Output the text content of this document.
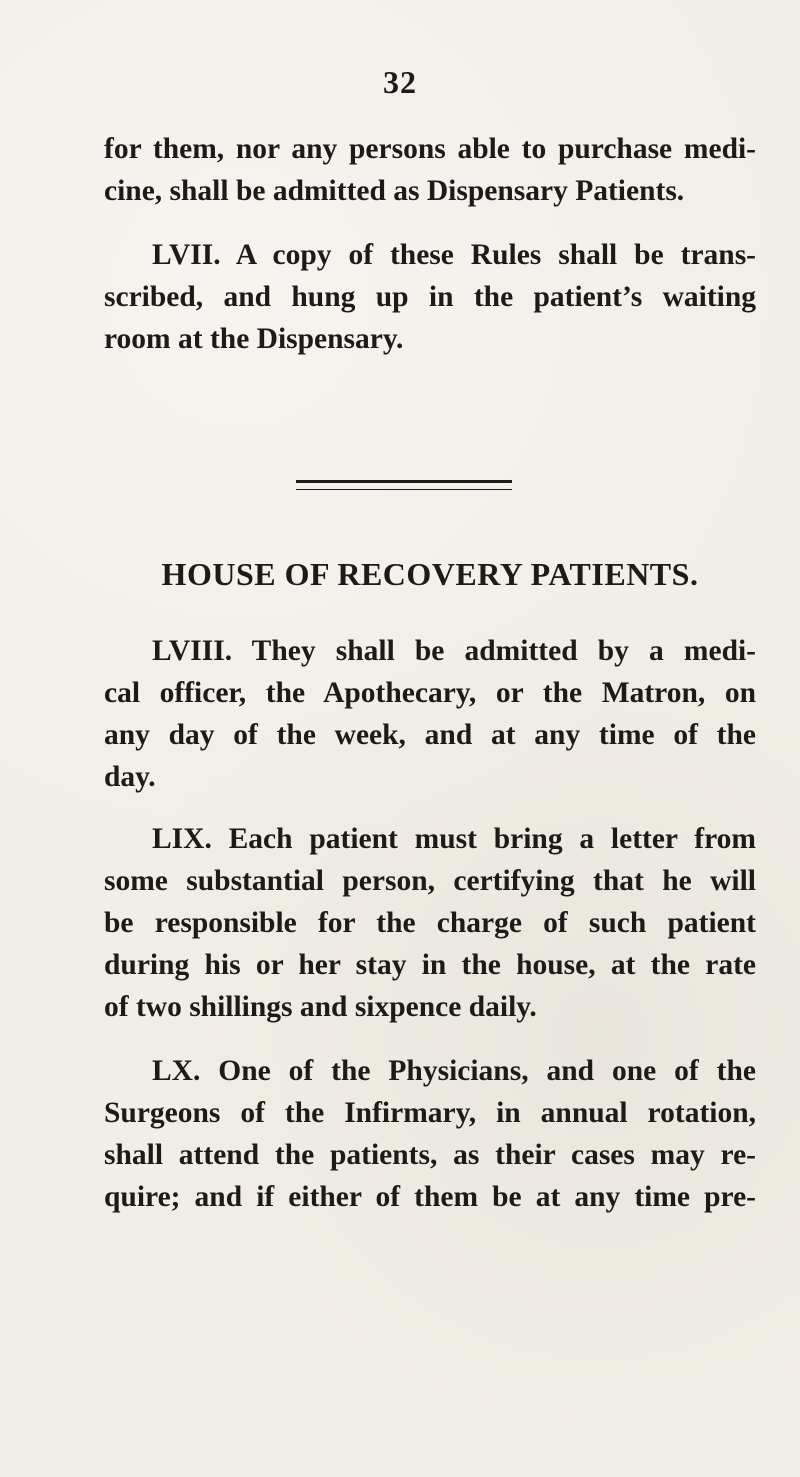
32
for them, nor any persons able to purchase medi-
cine, shall be admitted as Dispensary Patients.
LVII. A copy of these Rules shall be trans-
scribed, and hung up in the patient’s waiting
room at the Dispensary.
HOUSE OF RECOVERY PATIENTS.
LVIII. They shall be admitted by a medi-
cal officer, the Apothecary, or the Matron, on
any day of the week, and at any time of the
day.
LIX. Each patient must bring a letter from
some substantial person, certifying that he will
be responsible for the charge of such patient
during his or her stay in the house, at the rate
of two shillings and sixpence daily.
LX. One of the Physicians, and one of the
Surgeons of the Infirmary, in annual rotation,
shall attend the patients, as their cases may re-
quire; and if either of them be at any time pre-
